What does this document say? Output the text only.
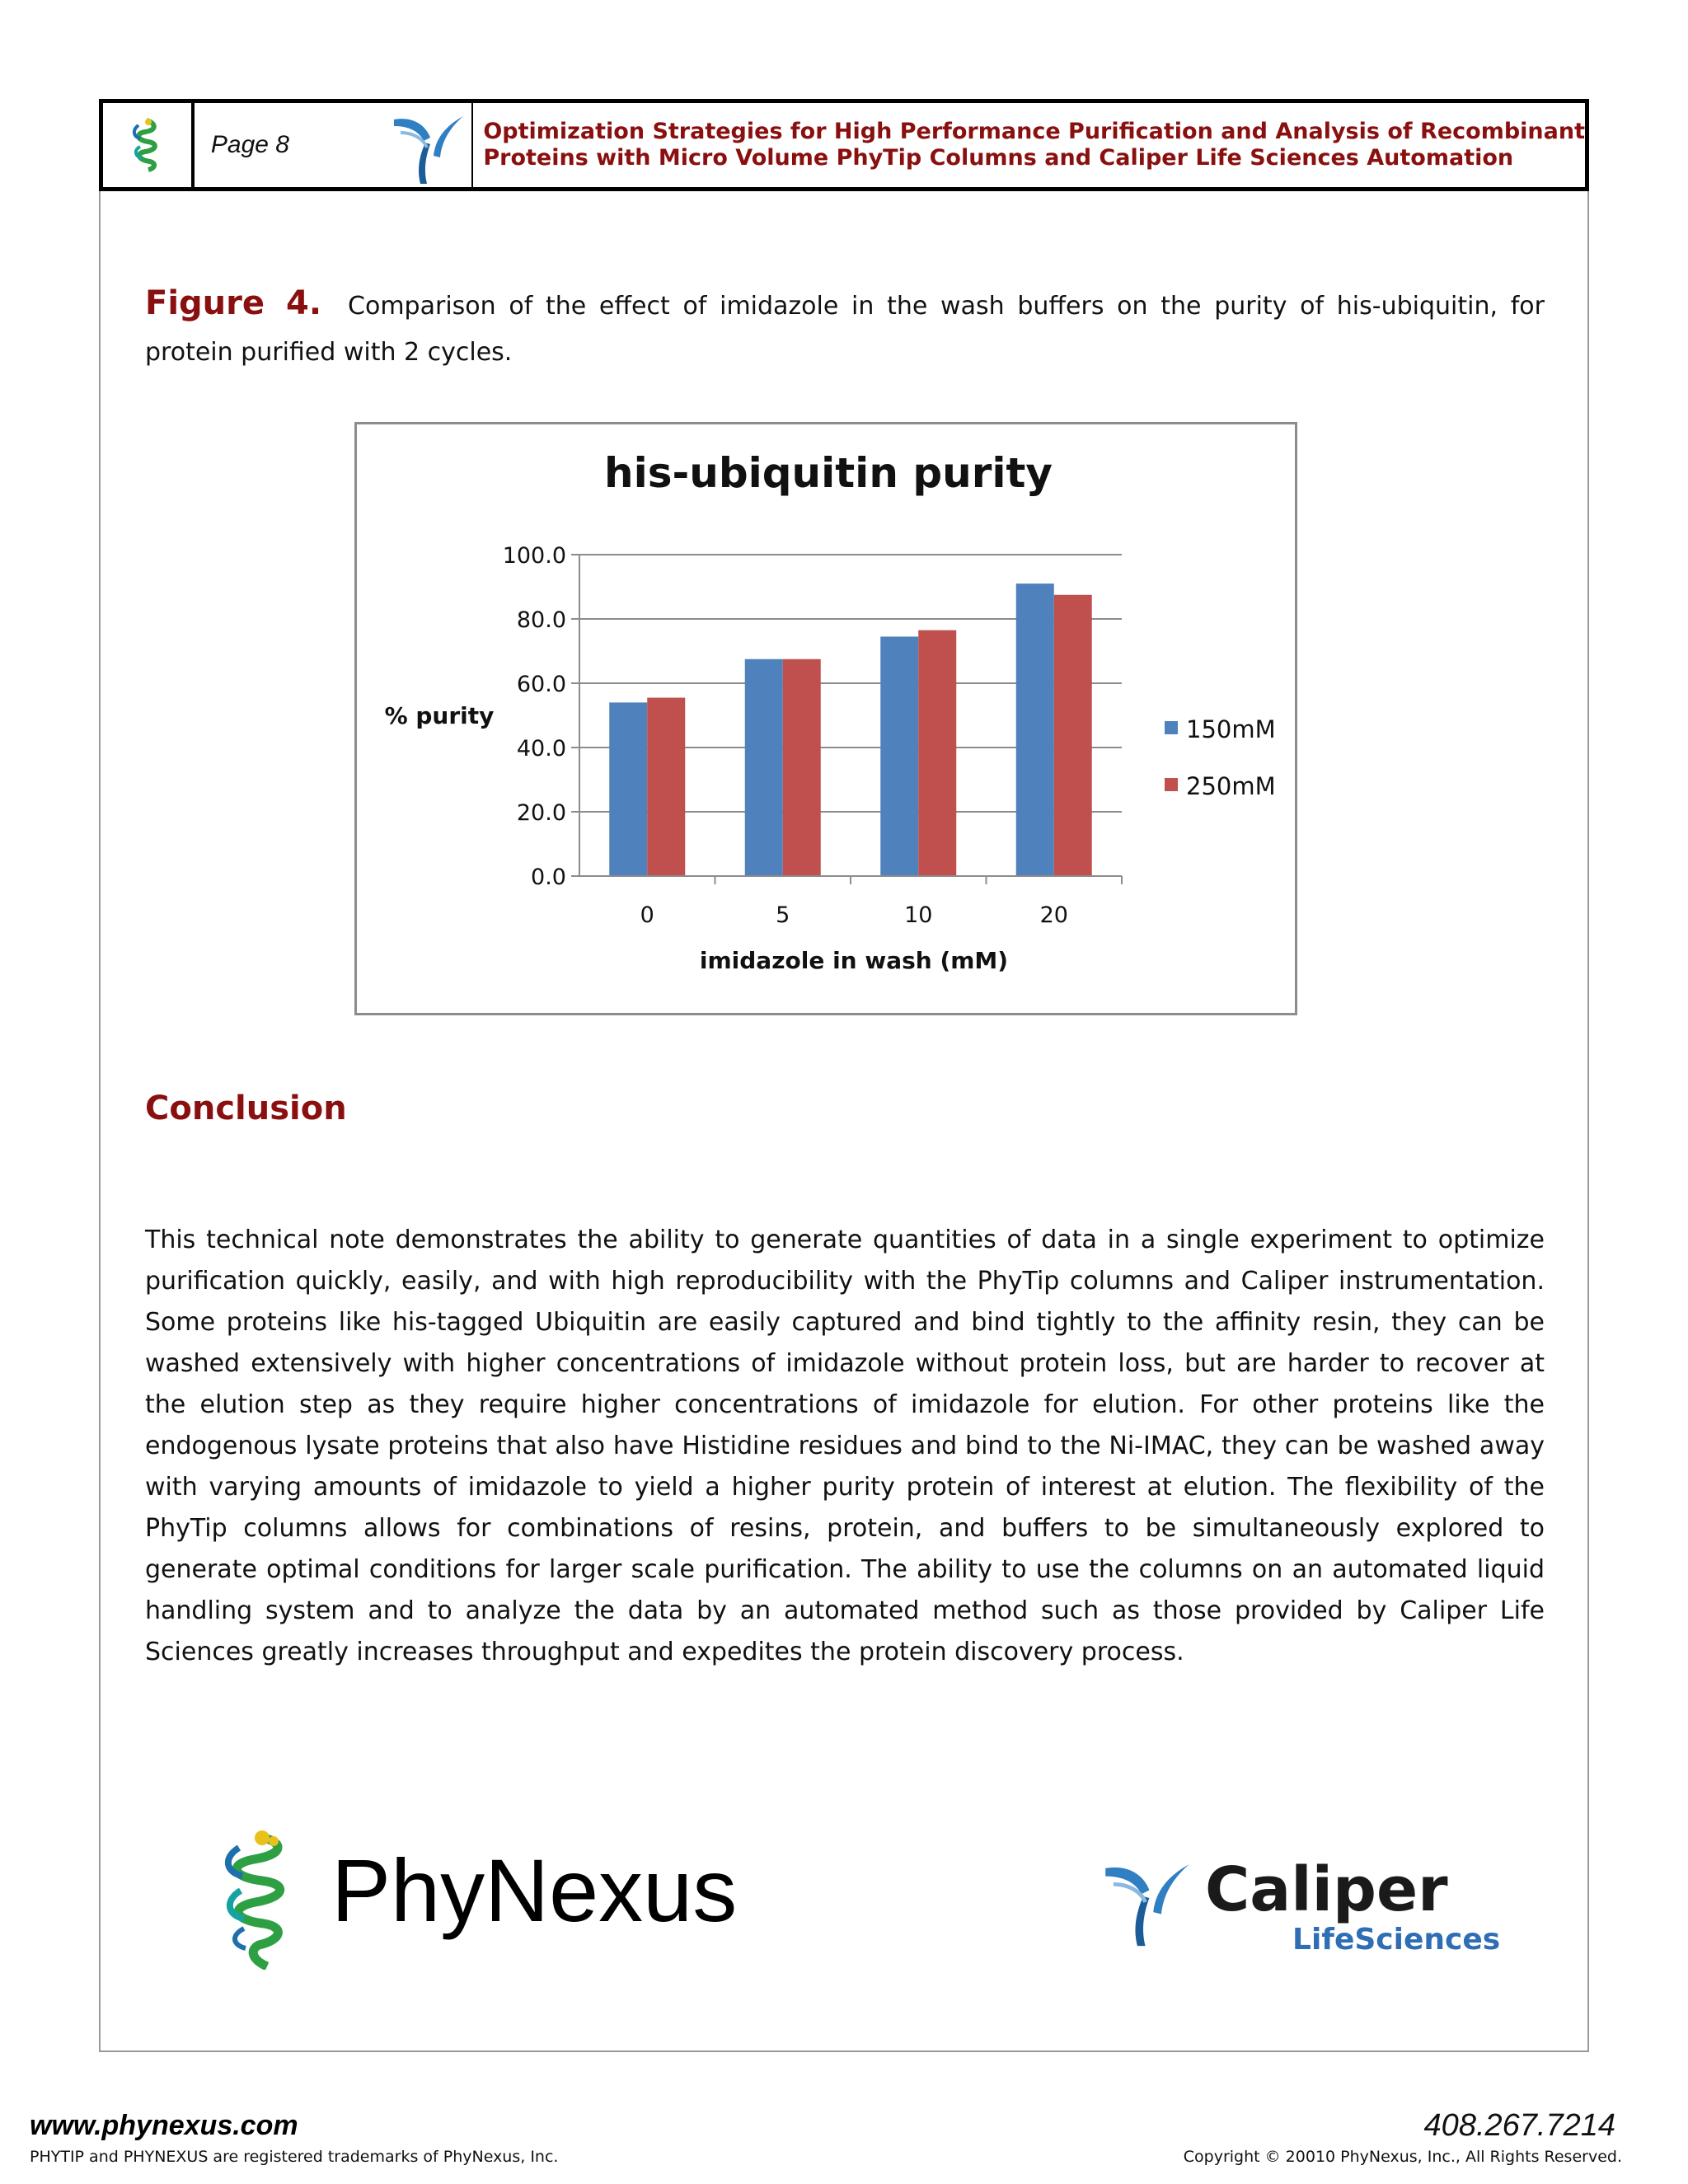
Page 8	Optimization Strategies for High Performance Purification and Analysis of Recombinant
Proteins with Micro Volume PhyTip Columns and Caliper Life Sciences Automation
Figure 4. Comparison of the effect of imidazole in the wash buffers on the purity of his-ubiquitin, for protein purified with 2 cycles.
his-ubiquitin purity
% purity
imidazole in wash (mM)
0.0
20.0
40.0
60.0
80.0
100.0
0	5	10	20
150mM
250mM
Conclusion
This technical note demonstrates the ability to generate quantities of data in a single experiment to optimize purification quickly, easily, and with high reproducibility with the PhyTip columns and Caliper instrumentation. Some proteins like his-tagged Ubiquitin are easily captured and bind tightly to the affinity resin, they can be washed extensively with higher concentrations of imidazole without protein loss, but are harder to recover at the elution step as they require higher concentrations of imidazole for elution. For other proteins like the endogenous lysate proteins that also have Histidine residues and bind to the Ni-IMAC, they can be washed away with varying amounts of imidazole to yield a higher purity protein of interest at elution. The flexibility of the PhyTip columns allows for combinations of resins, protein, and buffers to be simultaneously explored to generate optimal conditions for larger scale purification. The ability to use the columns on an automated liquid handling system and to analyze the data by an automated method such as those provided by Caliper Life Sciences greatly increases throughput and expedites the protein discovery process.
PhyNexus	Caliper
LifeSciences
www.phynexus.com	408.267.7214
PHYTIP and PHYNEXUS are registered trademarks of PhyNexus, Inc.	Copyright © 20010 PhyNexus, Inc., All Rights Reserved.
